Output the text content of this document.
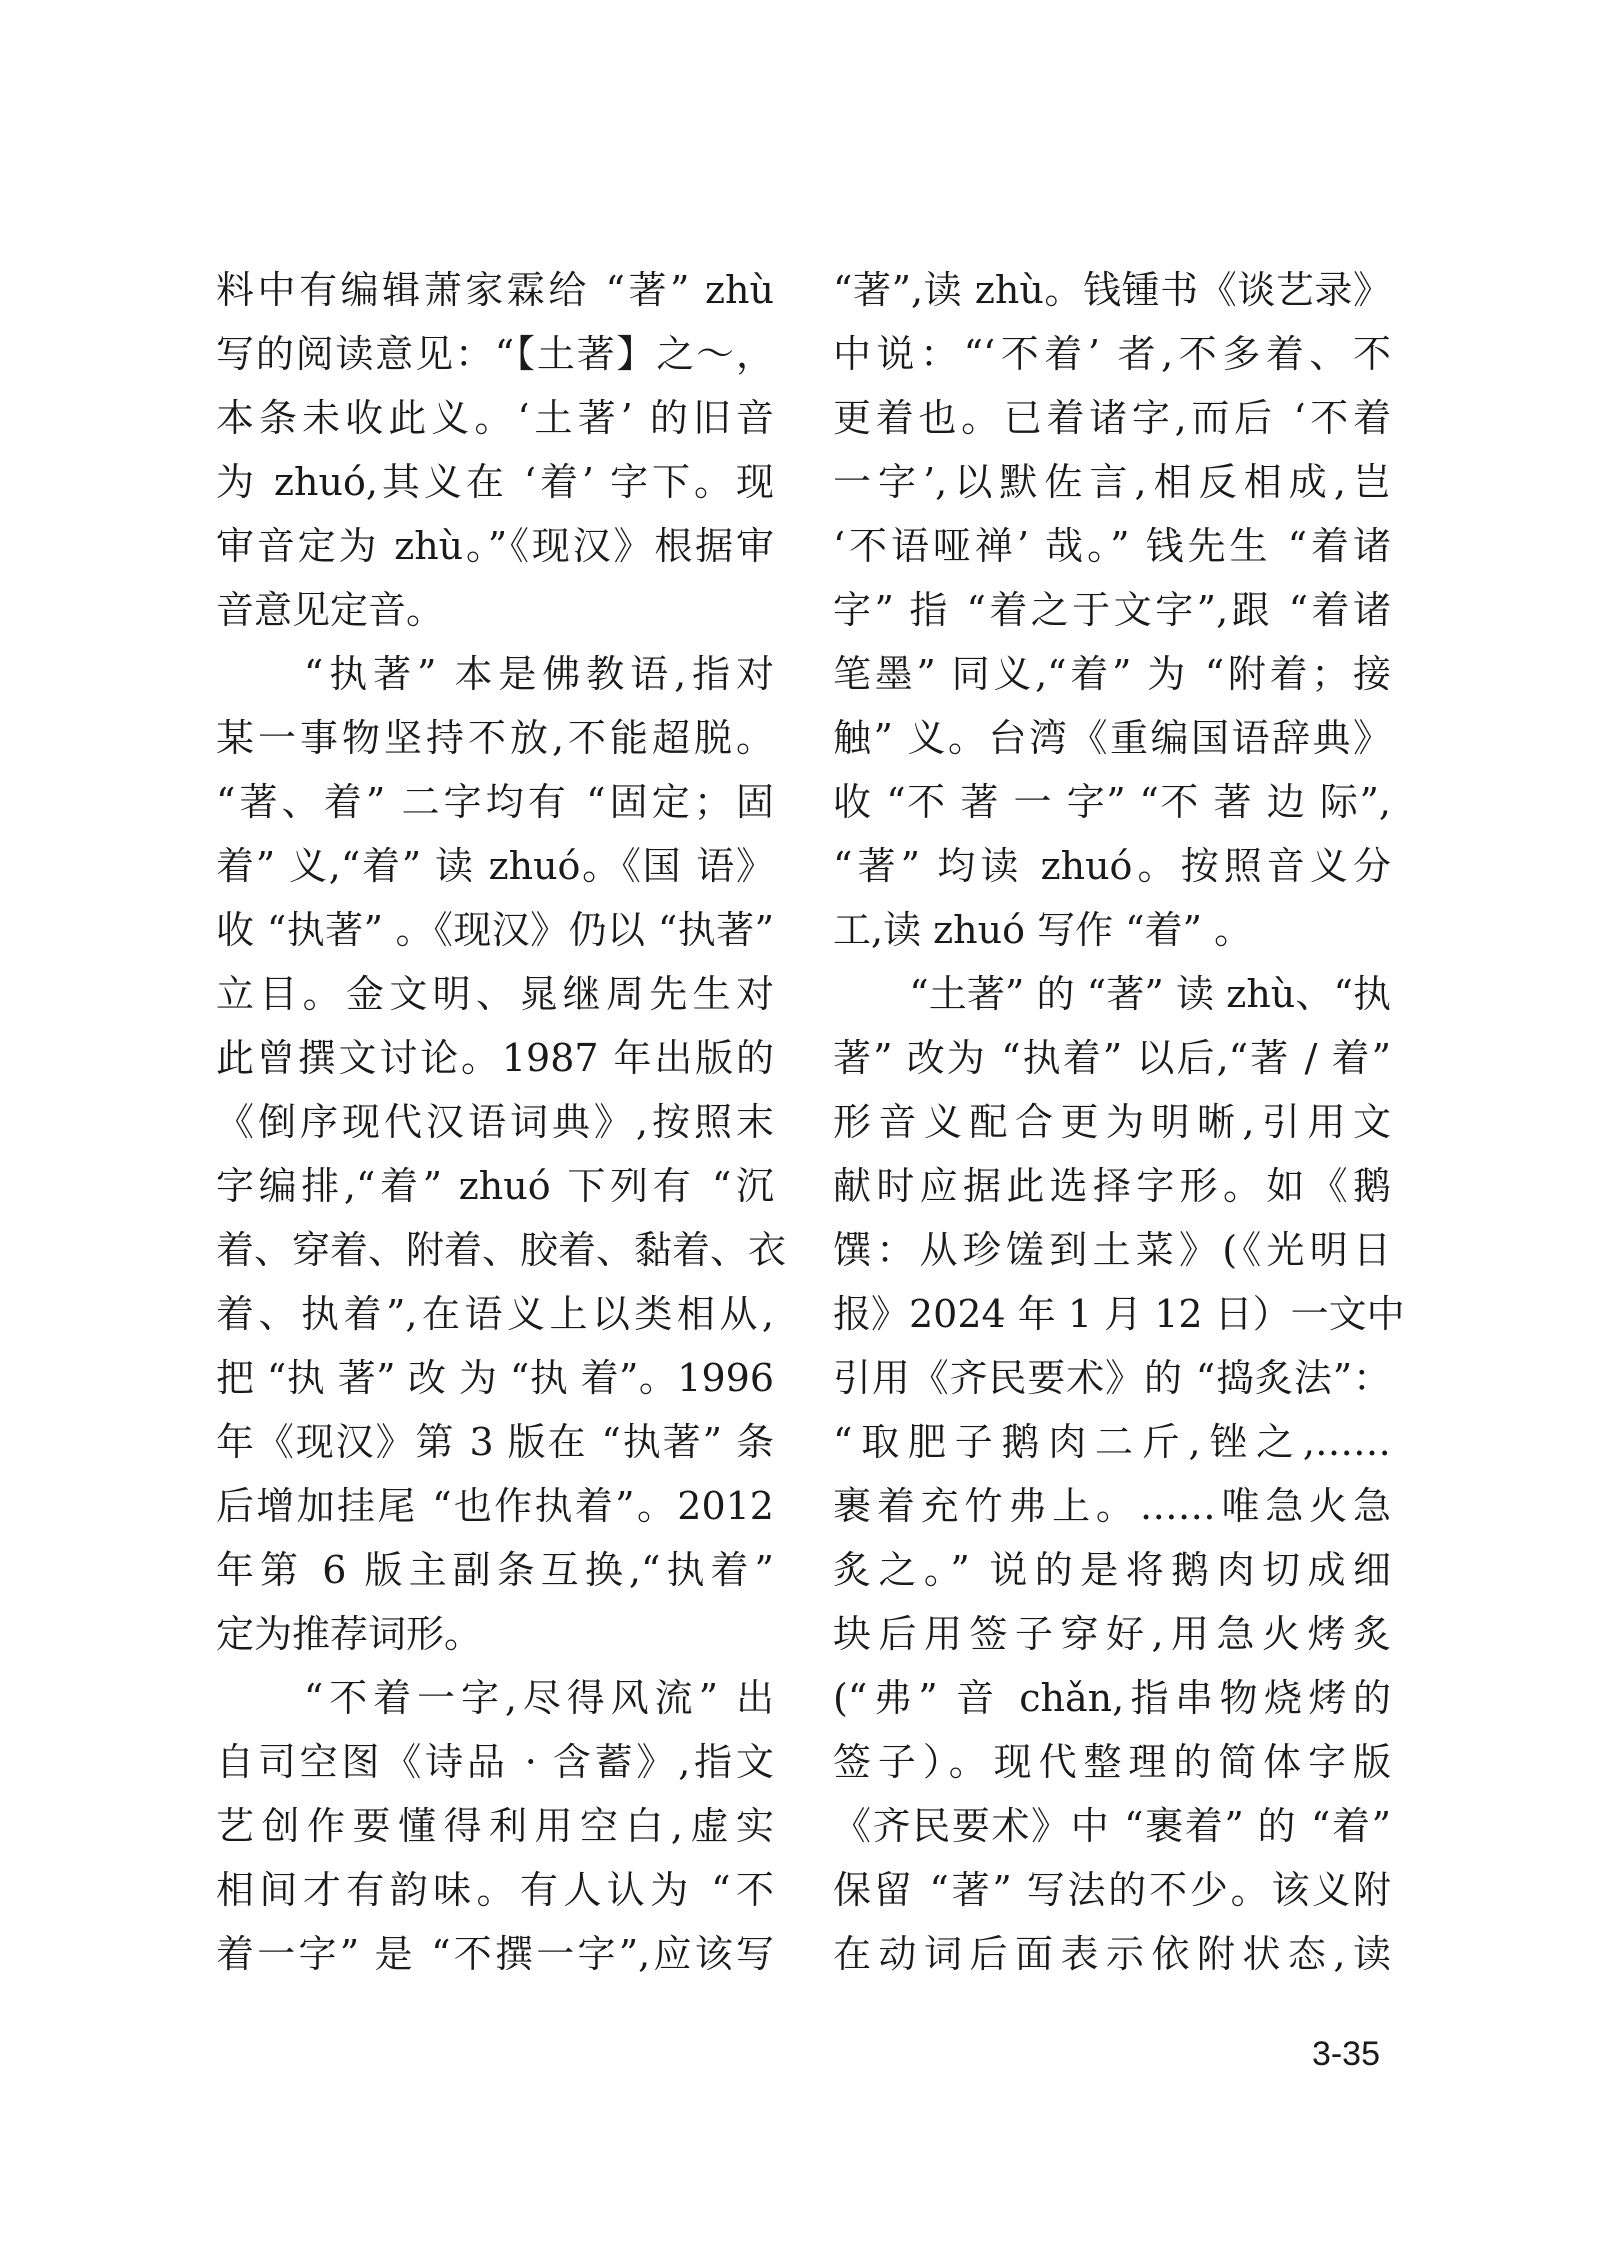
料中有编辑萧家霖给 “著” zhù
写的阅读意见：“【土著】之～，
本条未收此义。‘土著’ 的旧音
为 zhuó,其义在 ‘着’ 字下。现
审音定为 zhù。”《现汉》根据审
音意见定音。
　　“执著” 本是佛教语,指对
某一事物坚持不放,不能超脱。
“著、着” 二字均有 “固定；固
着” 义,“着” 读 zhuó。《国 语》
收 “执著” 。《现汉》仍以 “执著”
立目。金文明、晁继周先生对
此曾撰文讨论。1987 年出版的
《倒序现代汉语词典》,按照末
字编排,“着” zhuó 下列有 “沉
着、穿着、附着、胶着、黏着、衣
着、执着”,在语义上以类相从,
把 “执 著” 改 为 “执 着”。1996
年《现汉》第 3 版在 “执著” 条
后增加挂尾 “也作执着”。2012
年第 6 版主副条互换,“执着”
定为推荐词形。
　　“不着一字,尽得风流” 出
自司空图《诗品 · 含蓄》,指文
艺创作要懂得利用空白,虚实
相间才有韵味。有人认为 “不
着一字” 是 “不撰一字”,应该写
“著”,读 zhù。钱锺书《谈艺录》
中说：“‘不着’ 者,不多着、不
更着也。已着诸字,而后 ‘不着
一字’,以默佐言,相反相成,岂
‘不语哑禅’ 哉。” 钱先生 “着诸
字” 指 “着之于文字”,跟 “着诸
笔墨” 同义,“着” 为 “附着；接
触” 义。台湾《重编国语辞典》
收 “不 著 一 字” “不 著 边 际”,
“著” 均读 zhuó。按照音义分
工,读 zhuó 写作 “着” 。
　　“土著” 的 “著” 读 zhù、“执
著” 改为 “执着” 以后,“著 / 着”
形音义配合更为明晰,引用文
献时应据此选择字形。如《鹅
馔：从珍馐到土菜》(《光明日
报》2024 年 1 月 12 日）一文中
引用《齐民要术》的 “捣炙法”：
“取肥子鹅肉二斤,锉之,……
裹着充竹弗上。……唯急火急
炙之。” 说的是将鹅肉切成细
块后用签子穿好,用急火烤炙
(“弗” 音 chǎn,指串物烧烤的
签子）。现代整理的简体字版
《齐民要术》中 “裹着” 的 “着”
保留 “著” 写法的不少。该义附
在动词后面表示依附状态,读
3-35
